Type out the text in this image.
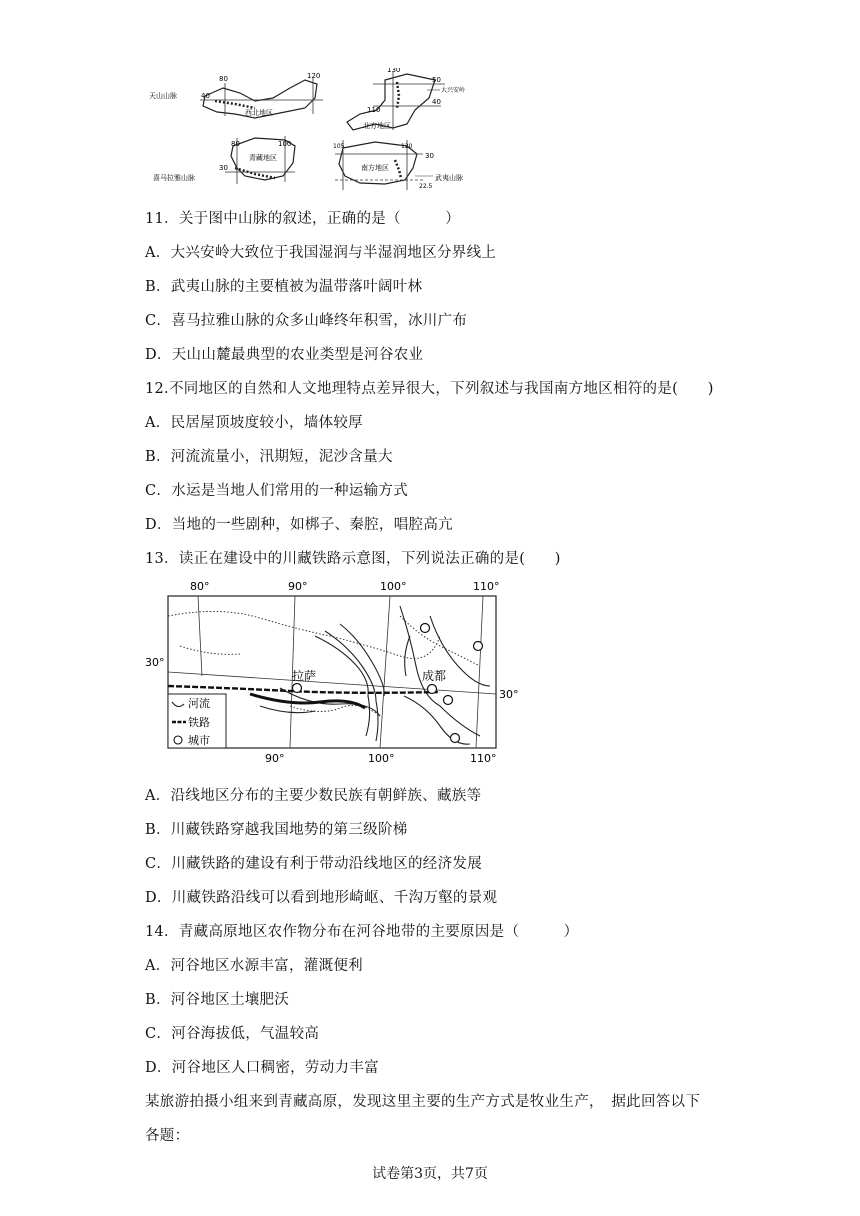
80	120
40
西北地区
天山山脉
130
110
50
40
北方地区
大兴安岭
80	100
30
青藏地区
喜马拉雅山脉
105	120
30
22.5
南方地区
武夷山脉
11．关于图中山脉的叙述，正确的是（　　　）
A．大兴安岭大致位于我国湿润与半湿润地区分界线上
B．武夷山脉的主要植被为温带落叶阔叶林
C．喜马拉雅山脉的众多山峰终年积雪，冰川广布
D．天山山麓最典型的农业类型是河谷农业
12.不同地区的自然和人文地理特点差异很大，下列叙述与我国南方地区相符的是(　　)
A．民居屋顶坡度较小，墙体较厚
B．河流流量小，汛期短，泥沙含量大
C．水运是当地人们常用的一种运输方式
D．当地的一些剧种，如梆子、秦腔，唱腔高亢
13．读正在建设中的川藏铁路示意图，下列说法正确的是(　　)
80°	90°	100°	110°
90°	100°	110°
30°
30°
拉萨	成都
河流
铁路
城市
A．沿线地区分布的主要少数民族有朝鲜族、藏族等
B．川藏铁路穿越我国地势的第三级阶梯
C．川藏铁路的建设有利于带动沿线地区的经济发展
D．川藏铁路沿线可以看到地形崎岖、千沟万壑的景观
14．青藏高原地区农作物分布在河谷地带的主要原因是（　　　）
A．河谷地区水源丰富，灌溉便利
B．河谷地区土壤肥沃
C．河谷海拔低，气温较高
D．河谷地区人口稠密，劳动力丰富
某旅游拍摄小组来到青藏高原，发现这里主要的生产方式是牧业生产，　据此回答以下
各题：
试卷第3页，共7页
